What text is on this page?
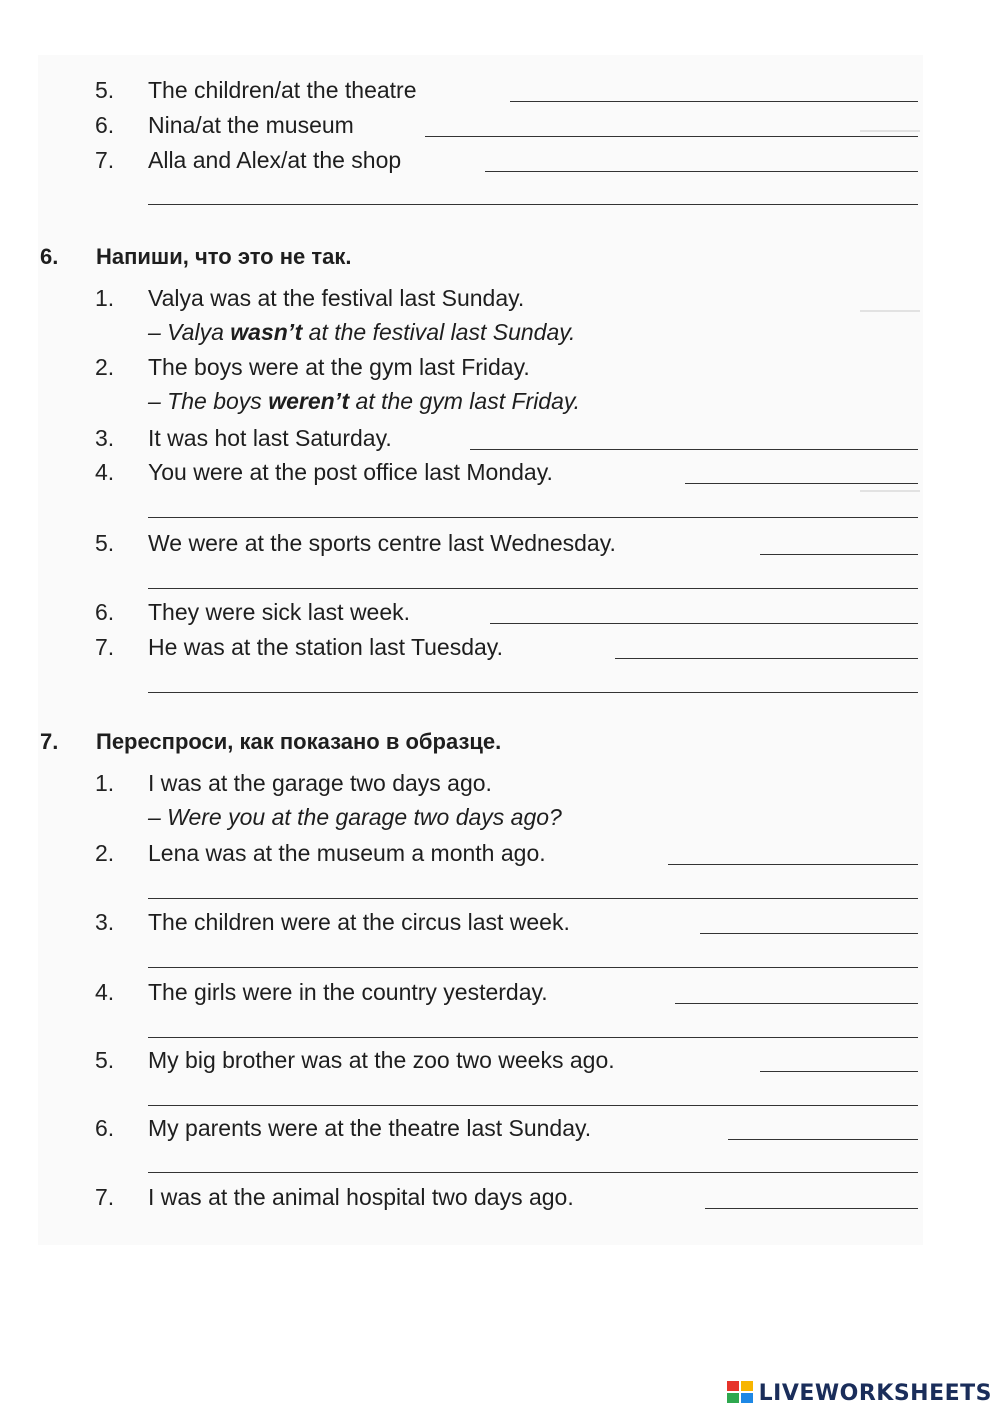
5.	The children/at the theatre
6.	Nina/at the museum
7.	Alla and Alex/at the shop
6. Напиши, что это не так.
1.	Valya was at the festival last Sunday.
– Valya wasn’t at the festival last Sunday.
2.	The boys were at the gym last Friday.
– The boys weren’t at the gym last Friday.
3.	It was hot last Saturday.
4.	You were at the post office last Monday.
5.	We were at the sports centre last Wednesday.
6.	They were sick last week.
7.	He was at the station last Tuesday.
7. Переспроси, как показано в образце.
1.	I was at the garage two days ago.
– Were you at the garage two days ago?
2.	Lena was at the museum a month ago.
3.	The children were at the circus last week.
4.	The girls were in the country yesterday.
5.	My big brother was at the zoo two weeks ago.
6.	My parents were at the theatre last Sunday.
7.	I was at the animal hospital two days ago.
LIVEWORKSHEETS
